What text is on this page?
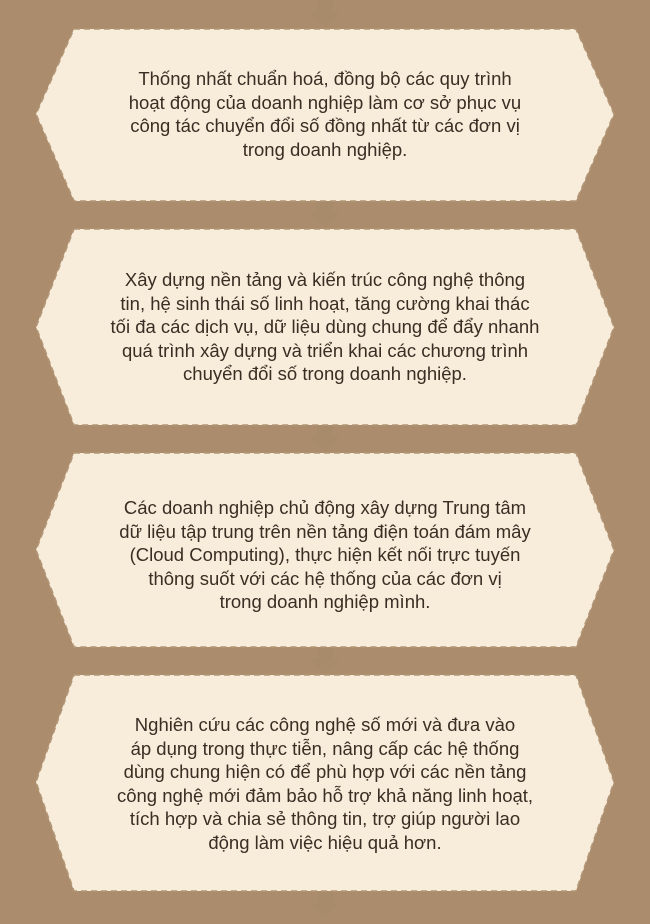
Thống nhất chuẩn hoá, đồng bộ các quy trình
hoạt động của doanh nghiệp làm cơ sở phục vụ
công tác chuyển đổi số đồng nhất từ các đơn vị
trong doanh nghiệp.

Xây dựng nền tảng và kiến trúc công nghệ thông
tin, hệ sinh thái số linh hoạt, tăng cường khai thác
tối đa các dịch vụ, dữ liệu dùng chung để đẩy nhanh
quá trình xây dựng và triển khai các chương trình
chuyển đổi số trong doanh nghiệp.

Các doanh nghiệp chủ động xây dựng Trung tâm
dữ liệu tập trung trên nền tảng điện toán đám mây
(Cloud Computing), thực hiện kết nối trực tuyến
thông suốt với các hệ thống của các đơn vị
trong doanh nghiệp mình.

Nghiên cứu các công nghệ số mới và đưa vào
áp dụng trong thực tiễn, nâng cấp các hệ thống
dùng chung hiện có để phù hợp với các nền tảng
công nghệ mới đảm bảo hỗ trợ khả năng linh hoạt,
tích hợp và chia sẻ thông tin, trợ giúp người lao
động làm việc hiệu quả hơn.
